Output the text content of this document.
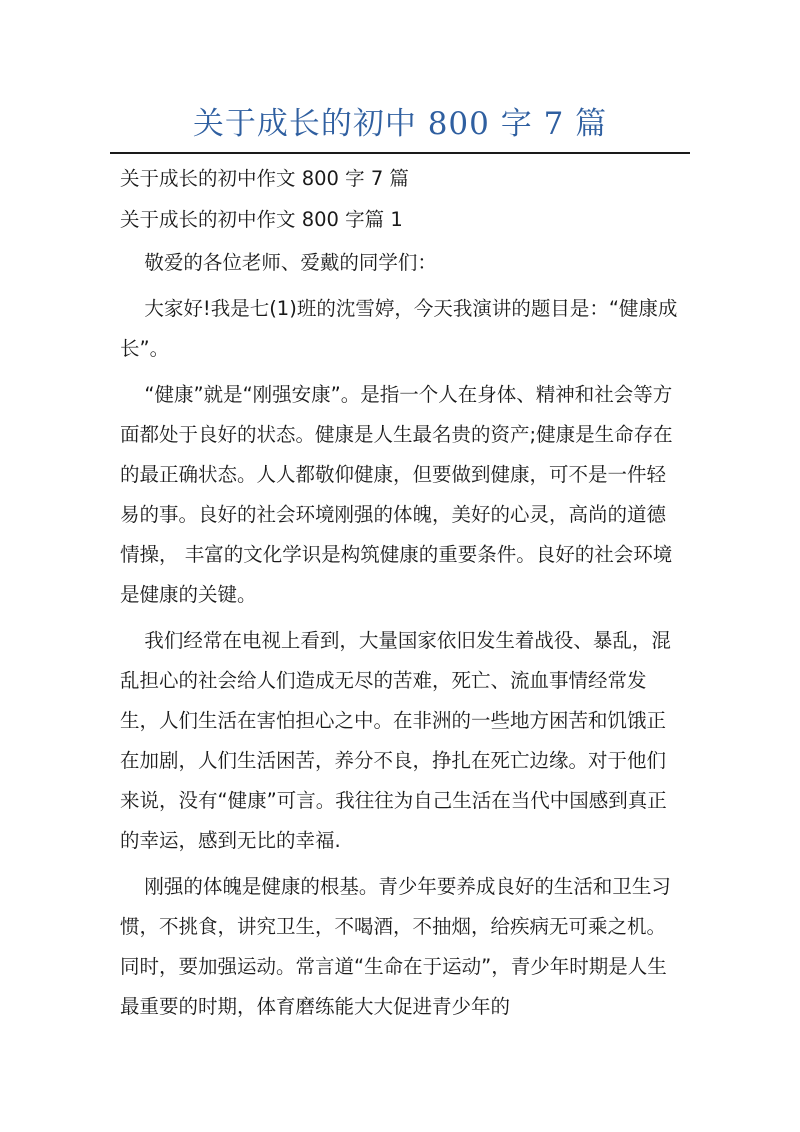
关于成长的初中 800 字 7 篇

关于成长的初中作文 800 字 7 篇

关于成长的初中作文 800 字篇 1

敬爱的各位老师、爱戴的同学们：

大家好!我是七(1)班的沈雪婷，今天我演讲的题目是：“健康成长”。

“健康”就是“刚强安康”。是指一个人在身体、精神和社会等方面都处于良好的状态。健康是人生最名贵的资产;健康是生命存在的最正确状态。人人都敬仰健康，但要做到健康，可不是一件轻易的事。良好的社会环境刚强的体魄，美好的心灵，高尚的道德情操， 丰富的文化学识是构筑健康的重要条件。良好的社会环境是健康的关键。

我们经常在电视上看到，大量国家依旧发生着战役、暴乱，混乱担心的社会给人们造成无尽的苦难，死亡、流血事情经常发生，人们生活在害怕担心之中。在非洲的一些地方困苦和饥饿正在加剧，人们生活困苦，养分不良，挣扎在死亡边缘。对于他们来说，没有“健康”可言。我往往为自己生活在当代中国感到真正的幸运，感到无比的幸福.

刚强的体魄是健康的根基。青少年要养成良好的生活和卫生习惯，不挑食，讲究卫生，不喝酒，不抽烟，给疾病无可乘之机。同时，要加强运动。常言道“生命在于运动”，青少年时期是人生最重要的时期，体育磨练能大大促进青少年的
